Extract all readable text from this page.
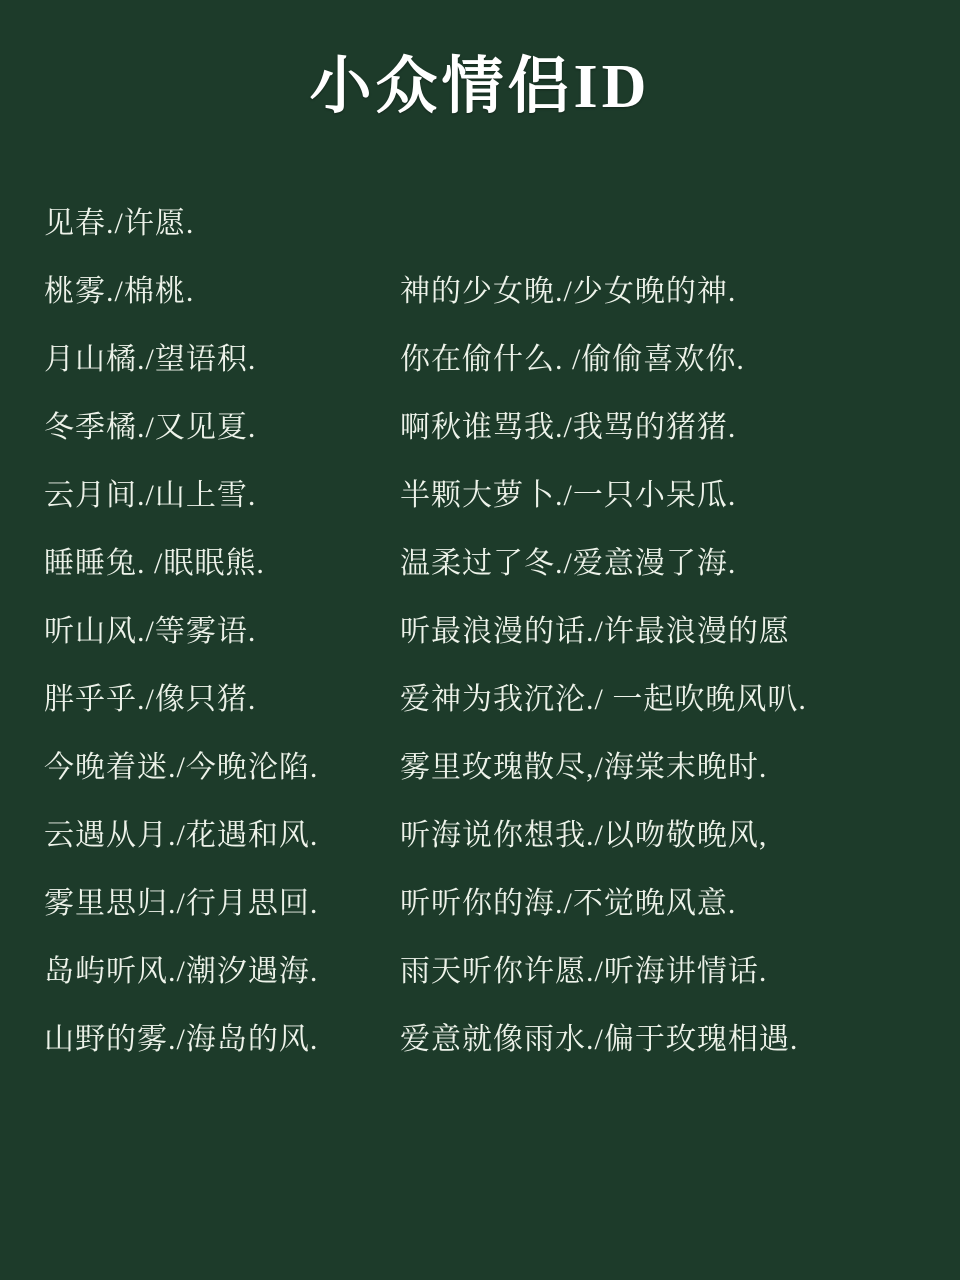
小众情侣ID
见春./许愿.
桃雾./棉桃.
月山橘./望语积.
冬季橘./又见夏.
云月间./山上雪.
睡睡兔. /眠眠熊.
听山风./等雾语.
胖乎乎./像只猪.
今晚着迷./今晚沦陷.
云遇从月./花遇和风.
雾里思归./行月思回.
岛屿听风./潮汐遇海.
山野的雾./海岛的风.
神的少女晚./少女晚的神.
你在偷什么. /偷偷喜欢你.
啊秋谁骂我./我骂的猪猪.
半颗大萝卜./一只小呆瓜.
温柔过了冬./爱意漫了海.
听最浪漫的话./许最浪漫的愿
爱神为我沉沦./ 一起吹晚风叭.
雾里玫瑰散尽,/海棠末晚时.
听海说你想我./以吻敬晚风,
听听你的海./不觉晚风意.
雨天听你许愿./听海讲情话.
爱意就像雨水./偏于玫瑰相遇.
